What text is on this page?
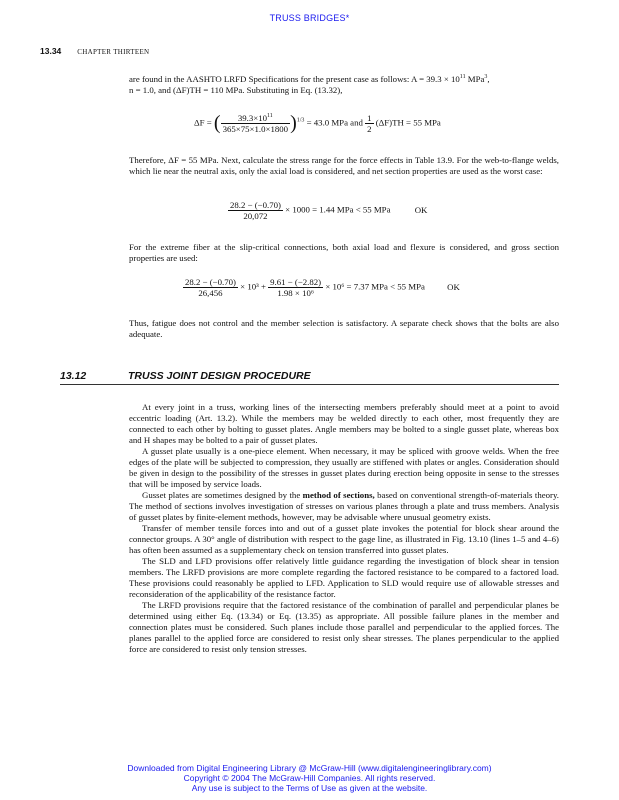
TRUSS BRIDGES*
13.34 CHAPTER THIRTEEN

are found in the AASHTO LRFD Specifications for the present case as follows: $A = 39.3 \times 10^{11}$ MPa$^3$,

n = 1.0, and (ΔF)TH = 110 MPa. Substituting in Eq. (13.32),

ΔF = ( $\frac{39.3\times 10^{11}}{365\times 75\times 1.0\times 1800} )^{1/3} = 43.0$ MPa and $\frac{1}{2} (\Delta F)TH = 55$ MPa

Therefore, ΔF = 55 MPa. Next, calculate the stress range for the force effects in Table 13.9. For the web-to-flange welds, which lie near the neutral axis, only the axial load is considered, and net section properties are used as the worst case:

$\frac{28.2 - (-0.70)}{20,072} \times 1000 = 1.44$ MPa < 55 MPa	OK

For the extreme fiber at the slip-critical connections, both axial load and flexure is considered, and gross section properties are used:

$\frac{28.2 - (-0.70)}{26,456} \times 10^3 + \frac{9.61 - (-2.82)}{\text{1.98 × 10⁶}} \times 10^6 = 7.37$ MPa < 55 MPa	OK

Thus, fatigue does not control and the member selection is satisfactory. A separate check shows that the bolts are also adequate.

13.12	TRUSS JOINT DESIGN PROCEDURE

At every joint in a truss, working lines of the intersecting members preferably should meet at a point to avoid eccentric loading (Art. 13.2). While the members may be welded directly to each other, most frequently they are connected to each other by bolting to gusset plates. Angle members may be bolted to a single gusset plate, whereas box and H shapes may be bolted to a pair of gusset plates.

A gusset plate usually is a one-piece element. When necessary, it may be spliced with groove welds. When the free edges of the plate will be subjected to compression, they usually are stiffened with plates or angles. Consideration should be given in design to the possibility of the stresses in gusset plates during erection being opposite in sense to the stresses that will be imposed by service loads.

Gusset plates are sometimes designed by the method of sections, based on conventional strength-of-materials theory. The method of sections involves investigation of stresses on various planes through a plate and truss members. Analysis of gusset plates by finite-element methods, however, may be advisable where unusual geometry exists.

Transfer of member tensile forces into and out of a gusset plate invokes the potential for block shear around the connector groups. A 30° angle of distribution with respect to the gage line, as illustrated in Fig. 13.10 (lines 1–5 and 4–6) has often been assumed as a supplementary check on tension transferred into gusset plates.

The SLD and LFD provisions offer relatively little guidance regarding the investigation of block shear in tension members. The LRFD provisions are more complete regarding the factored resistance to be compared to a factored load. These provisions could reasonably be applied to LFD. Application to SLD would require use of allowable stresses and reconsideration of the applicability of the resistance factor.

The LRFD provisions require that the factored resistance of the combination of parallel and perpendicular planes be determined using either Eq. (13.34) or Eq. (13.35) as appropriate. All possible failure planes in the member and connection plates must be considered. Such planes include those parallel and perpendicular to the applied forces. The planes parallel to the applied force are considered to resist only shear stresses. The planes perpendicular to the applied force are considered to resist only tension stresses.

Downloaded from Digital Engineering Library @ McGraw-Hill (www.digitalengineeringlibrary.com)
Copyright © 2004 The McGraw-Hill Companies. All rights reserved.
Any use is subject to the Terms of Use as given at the website.
